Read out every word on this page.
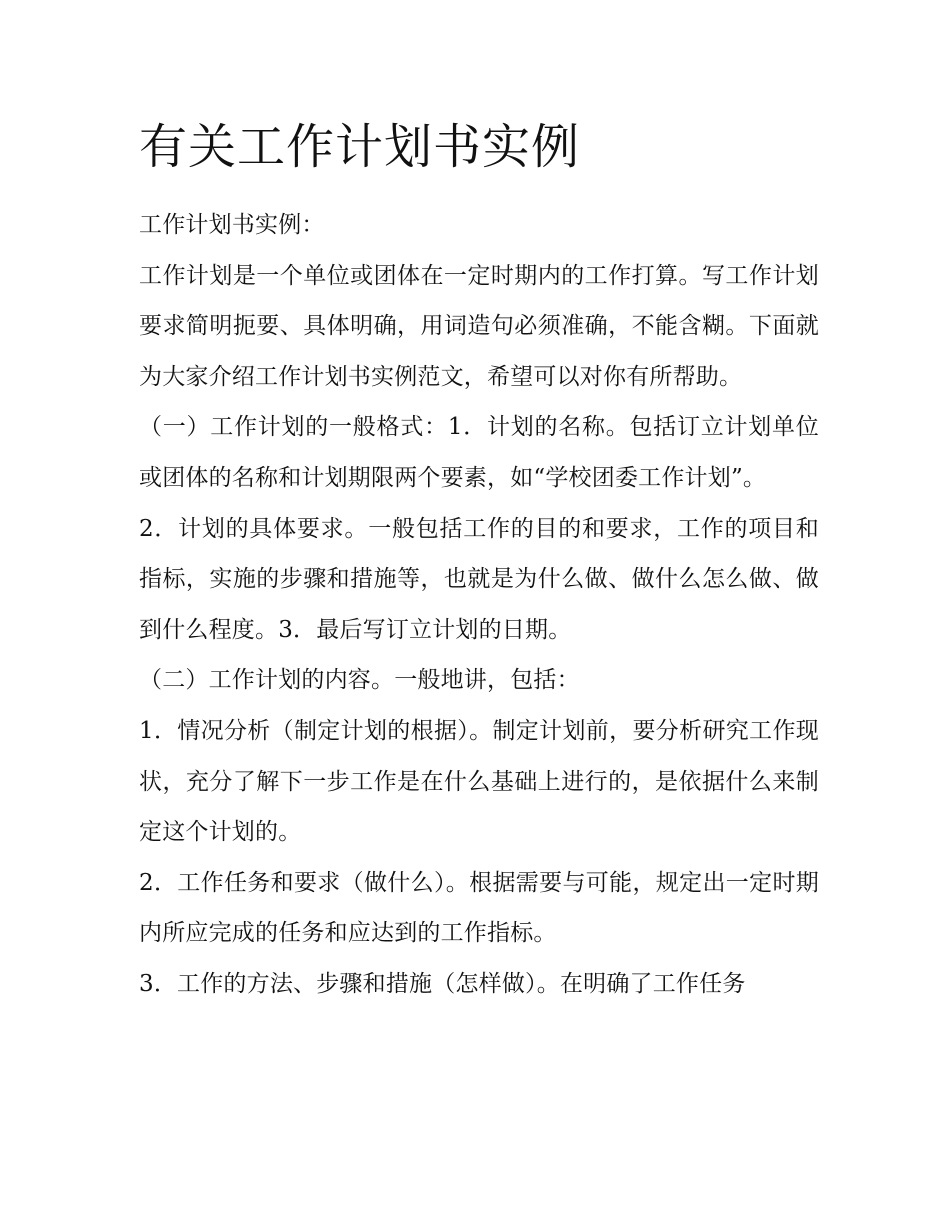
有关工作计划书实例

工作计划书实例：

工作计划是一个单位或团体在一定时期内的工作打算。写工作计划要求简明扼要、具体明确，用词造句必须准确，不能含糊。下面就为大家介绍工作计划书实例范文，希望可以对你有所帮助。

（一）工作计划的一般格式：1．计划的名称。包括订立计划单位或团体的名称和计划期限两个要素，如“学校团委工作计划”。

2．计划的具体要求。一般包括工作的目的和要求，工作的项目和指标，实施的步骤和措施等，也就是为什么做、做什么怎么做、做到什么程度。3．最后写订立计划的日期。

（二）工作计划的内容。一般地讲，包括：

1．情况分析（制定计划的根据）。制定计划前，要分析研究工作现状，充分了解下一步工作是在什么基础上进行的，是依据什么来制定这个计划的。

2．工作任务和要求（做什么）。根据需要与可能，规定出一定时期内所应完成的任务和应达到的工作指标。

3．工作的方法、步骤和措施（怎样做）。在明确了工作任务
